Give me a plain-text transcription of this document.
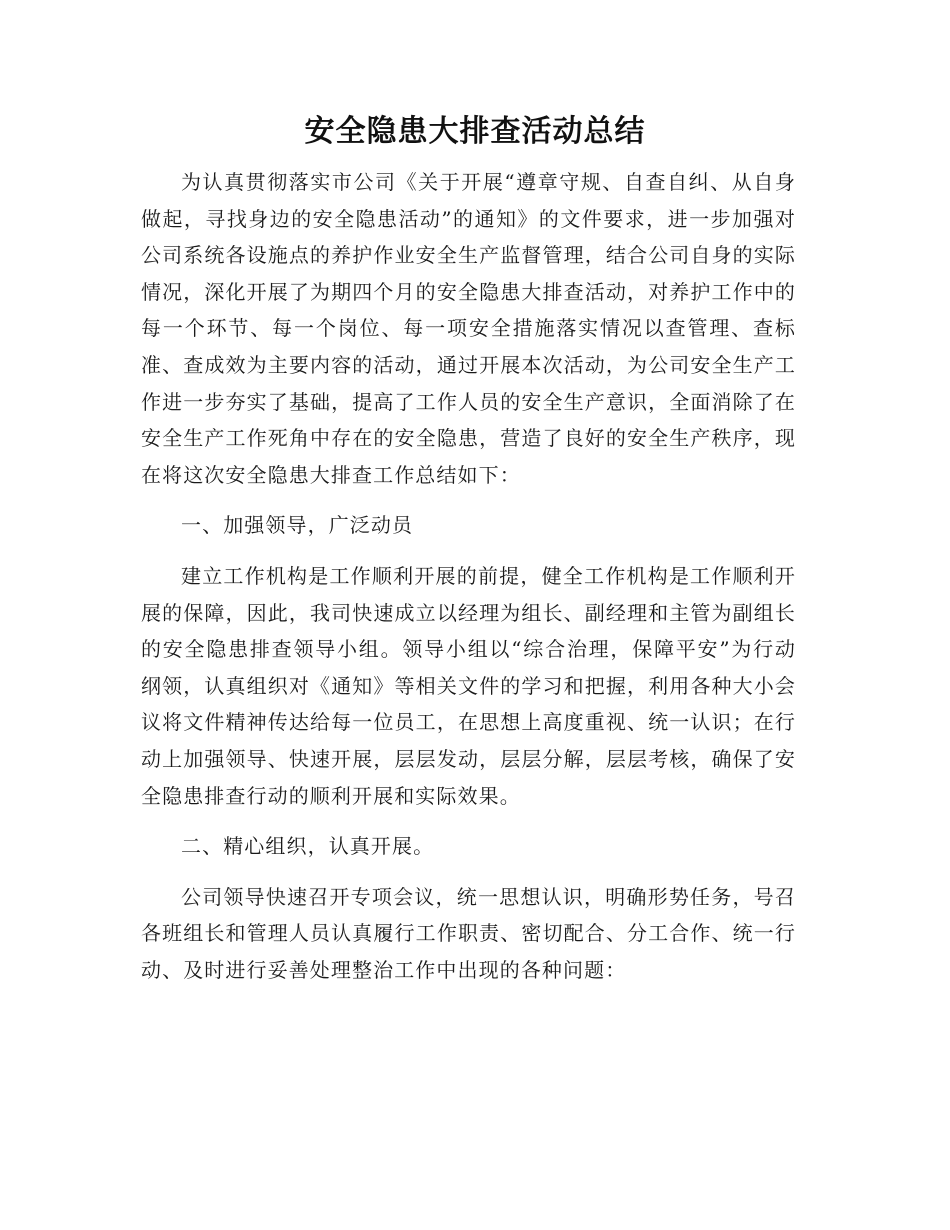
安全隐患大排查活动总结

为认真贯彻落实市公司《关于开展“遵章守规、自查自纠、从自身做起，寻找身边的安全隐患活动”的通知》的文件要求，进一步加强对公司系统各设施点的养护作业安全生产监督管理，结合公司自身的实际情况，深化开展了为期四个月的安全隐患大排查活动，对养护工作中的每一个环节、每一个岗位、每一项安全措施落实情况以查管理、查标准、查成效为主要内容的活动，通过开展本次活动，为公司安全生产工作进一步夯实了基础，提高了工作人员的安全生产意识，全面消除了在安全生产工作死角中存在的安全隐患，营造了良好的安全生产秩序，现在将这次安全隐患大排查工作总结如下：

一、加强领导，广泛动员

建立工作机构是工作顺利开展的前提，健全工作机构是工作顺利开展的保障，因此，我司快速成立以经理为组长、副经理和主管为副组长的安全隐患排查领导小组。领导小组以“综合治理，保障平安”为行动纲领，认真组织对《通知》等相关文件的学习和把握，利用各种大小会议将文件精神传达给每一位员工，在思想上高度重视、统一认识；在行动上加强领导、快速开展，层层发动，层层分解，层层考核，确保了安全隐患排查行动的顺利开展和实际效果。

二、精心组织，认真开展。

公司领导快速召开专项会议，统一思想认识，明确形势任务，号召各班组长和管理人员认真履行工作职责、密切配合、分工合作、统一行动、及时进行妥善处理整治工作中出现的各种问题：
